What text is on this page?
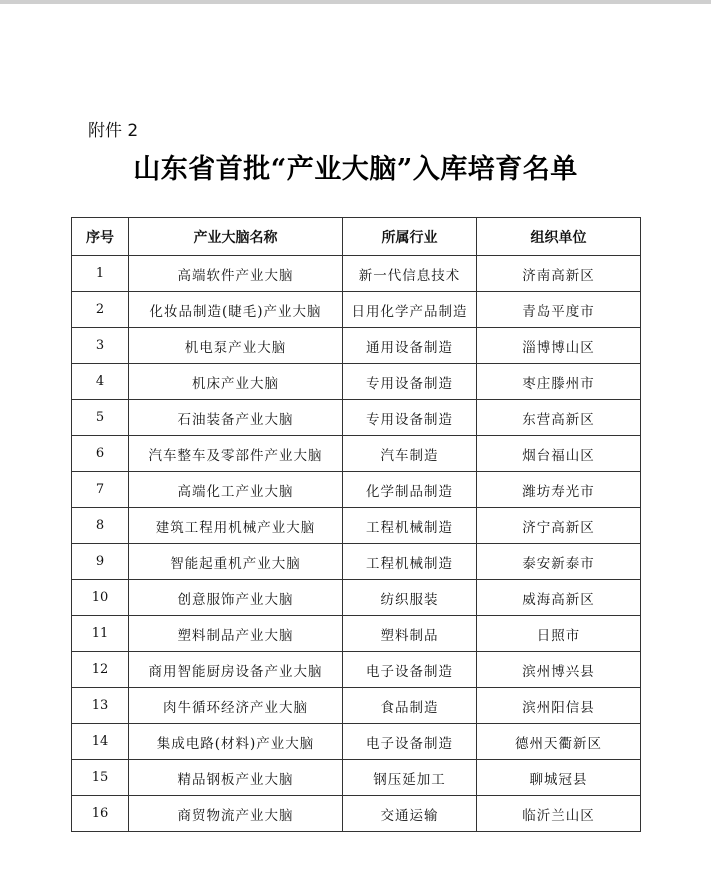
附件 2
山东省首批“产业大脑”入库培育名单
序号	产业大脑名称	所属行业	组织单位
1	高端软件产业大脑	新一代信息技术	济南高新区
2	化妆品制造(睫毛)产业大脑	日用化学产品制造	青岛平度市
3	机电泵产业大脑	通用设备制造	淄博博山区
4	机床产业大脑	专用设备制造	枣庄滕州市
5	石油装备产业大脑	专用设备制造	东营高新区
6	汽车整车及零部件产业大脑	汽车制造	烟台福山区
7	高端化工产业大脑	化学制品制造	潍坊寿光市
8	建筑工程用机械产业大脑	工程机械制造	济宁高新区
9	智能起重机产业大脑	工程机械制造	泰安新泰市
10	创意服饰产业大脑	纺织服装	威海高新区
11	塑料制品产业大脑	塑料制品	日照市
12	商用智能厨房设备产业大脑	电子设备制造	滨州博兴县
13	肉牛循环经济产业大脑	食品制造	滨州阳信县
14	集成电路(材料)产业大脑	电子设备制造	德州天衢新区
15	精品钢板产业大脑	钢压延加工	聊城冠县
16	商贸物流产业大脑	交通运输	临沂兰山区
